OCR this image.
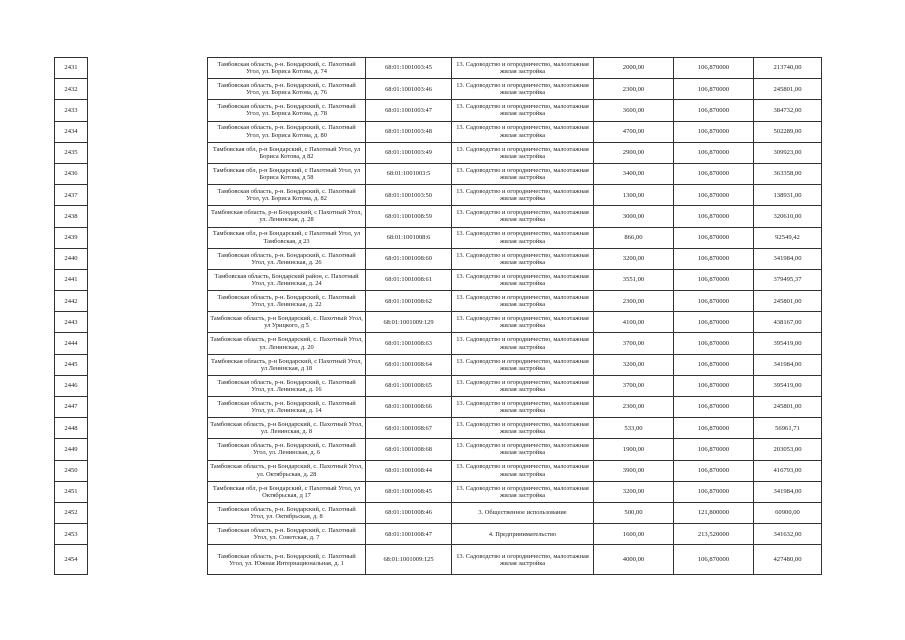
2431		Тамбовская область, р-н. Бондарский, с. Пахотный Угол, ул. Бориса Котова, д. 74	68:01:1001003:45	13. Садоводство и огородничество, малоэтажная жилая застройка	2000,00	106,870000	213740,00
2432		Тамбовская область, р-н. Бондарский, с. Пахотный Угол, ул. Бориса Котова, д. 76	68:01:1001003:46	13. Садоводство и огородничество, малоэтажная жилая застройка	2300,00	106,870000	245801,00
2433		Тамбовская область, р-н. Бондарский, с. Пахотный Угол, ул. Бориса Котова, д. 78	68:01:1001003:47	13. Садоводство и огородничество, малоэтажная жилая застройка	3600,00	106,870000	384732,00
2434		Тамбовская область, р-н. Бондарский, с. Пахотный Угол, ул. Бориса Котова, д. 80	68:01:1001003:48	13. Садоводство и огородничество, малоэтажная жилая застройка	4700,00	106,870000	502289,00
2435		Тамбовская обл, р-н Бондарский, с Пахотный Угол, ул Бориса Котова, д 82	68:01:1001003:49	13. Садоводство и огородничество, малоэтажная жилая застройка	2900,00	106,870000	309923,00
2436		Тамбовская обл, р-н Бондарский, с Пахотный Угол, ул Бориса Котова, д 58	68:01:1001003:5	13. Садоводство и огородничество, малоэтажная жилая застройка	3400,00	106,870000	363358,00
2437		Тамбовская область, р-н. Бондарский, с. Пахотный Угол, ул. Бориса Котова, д. 82	68:01:1001003:50	13. Садоводство и огородничество, малоэтажная жилая застройка	1300,00	106,870000	138931,00
2438		Тамбовская область, р-н Бондарский, с Пахотный Угол, ул. Ленинская, д. 28	68:01:1001008:59	13. Садоводство и огородничество, малоэтажная жилая застройка	3000,00	106,870000	320610,00
2439		Тамбовская обл, р-н Бондарский, с Пахотный Угол, ул Тамбовская, д 23	68:01:1001008:6	13. Садоводство и огородничество, малоэтажная жилая застройка	866,00	106,870000	92549,42
2440		Тамбовская область, р-н. Бондарский, с. Пахотный Угол, ул. Ленинская, д. 26	68:01:1001008:60	13. Садоводство и огородничество, малоэтажная жилая застройка	3200,00	106,870000	341984,00
2441		Тамбовская область, Бондарский район, с. Пахотный Угол, ул. Ленинская, д. 24	68:01:1001008:61	13. Садоводство и огородничество, малоэтажная жилая застройка	3551,00	106,870000	379495,37
2442		Тамбовская область, р-н. Бондарский, с. Пахотный Угол, ул. Ленинская, д. 22	68:01:1001008:62	13. Садоводство и огородничество, малоэтажная жилая застройка	2300,00	106,870000	245801,00
2443		Тамбовская область, р-н Бондарский, с. Пахотный Угол, ул Урицкого, д 5	68:01:1001009:129	13. Садоводство и огородничество, малоэтажная жилая застройка	4100,00	106,870000	438167,00
2444		Тамбовская область, р-н Бондарский, с. Пахотный Угол, ул. Ленинская, д. 20	68:01:1001008:63	13. Садоводство и огородничество, малоэтажная жилая застройка	3700,00	106,870000	395419,00
2445		Тамбовская область, р-н Бондарский, с Пахотный Угол, ул Ленинская, д 18	68:01:1001008:64	13. Садоводство и огородничество, малоэтажная жилая застройка	3200,00	106,870000	341984,00
2446		Тамбовская область, р-н. Бондарский, с. Пахотный Угол, ул. Ленинская, д. 16	68:01:1001008:65	13. Садоводство и огородничество, малоэтажная жилая застройка	3700,00	106,870000	395419,00
2447		Тамбовская область, р-н. Бондарский, с. Пахотный Угол, ул. Ленинская, д. 14	68:01:1001008:66	13. Садоводство и огородничество, малоэтажная жилая застройка	2300,00	106,870000	245801,00
2448		Тамбовская область, р-н Бондарский, с. Пахотный Угол, ул. Ленинская, д. 8	68:01:1001008:67	13. Садоводство и огородничество, малоэтажная жилая застройка	533,00	106,870000	56961,71
2449		Тамбовская область, р-н. Бондарский, с. Пахотный Угол, ул. Ленинская, д. 6	68:01:1001008:68	13. Садоводство и огородничество, малоэтажная жилая застройка	1900,00	106,870000	203053,00
2450		Тамбовская область, р-н Бондарский, с. Пахотный Угол, ул. Октябрьская, д. 28	68:01:1001008:44	13. Садоводство и огородничество, малоэтажная жилая застройка	3900,00	106,870000	416793,00
2451		Тамбовская обл, р-н Бондарский, с Пахотный Угол, ул Октябрьская, д 17	68:01:1001008:45	13. Садоводство и огородничество, малоэтажная жилая застройка	3200,00	106,870000	341984,00
2452		Тамбовская область, р-н. Бондарский, с. Пахотный Угол, ул. Октябрьская, д. 8	68:01:1001008:46	3. Общественное использование	500,00	121,800000	60900,00
2453		Тамбовская область, р-н. Бондарский, с. Пахотный Угол, ул. Советская, д. 7	68:01:1001008:47	4. Предпринимательство	1600,00	213,520000	341632,00
2454		Тамбовская область, р-н. Бондарский, с. Пахотный Угол, ул. Южная Интернациональная, д. 1	68:01:1001009:125	13. Садоводство и огородничество, малоэтажная жилая застройка	4000,00	106,870000	427480,00
